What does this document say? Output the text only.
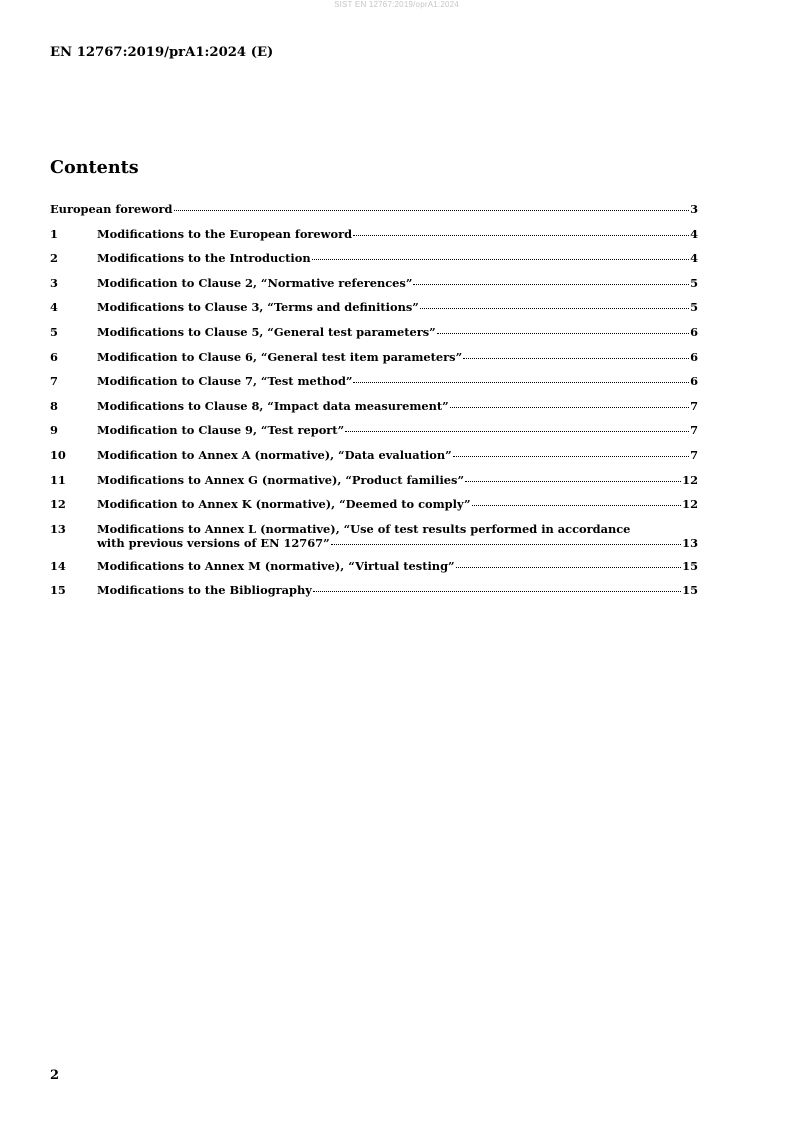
SIST EN 12767:2019/oprA1:2024
EN 12767:2019/prA1:2024 (E)
Contents
European foreword	3
1	Modifications to the European foreword	4
2	Modifications to the Introduction	4
3	Modification to Clause 2, “Normative references”	5
4	Modifications to Clause 3, “Terms and definitions”	5
5	Modifications to Clause 5, “General test parameters”	6
6	Modification to Clause 6, “General test item parameters”	6
7	Modification to Clause 7, “Test method”	6
8	Modifications to Clause 8, “Impact data measurement”	7
9	Modification to Clause 9, “Test report”	7
10	Modification to Annex A (normative), “Data evaluation”	7
11	Modifications to Annex G (normative), “Product families”	12
12	Modification to Annex K (normative), “Deemed to comply”	12
13	Modifications to Annex L (normative), “Use of test results performed in accordance
with previous versions of EN 12767”	13
14	Modifications to Annex M (normative), “Virtual testing”	15
15	Modifications to the Bibliography	15
2
